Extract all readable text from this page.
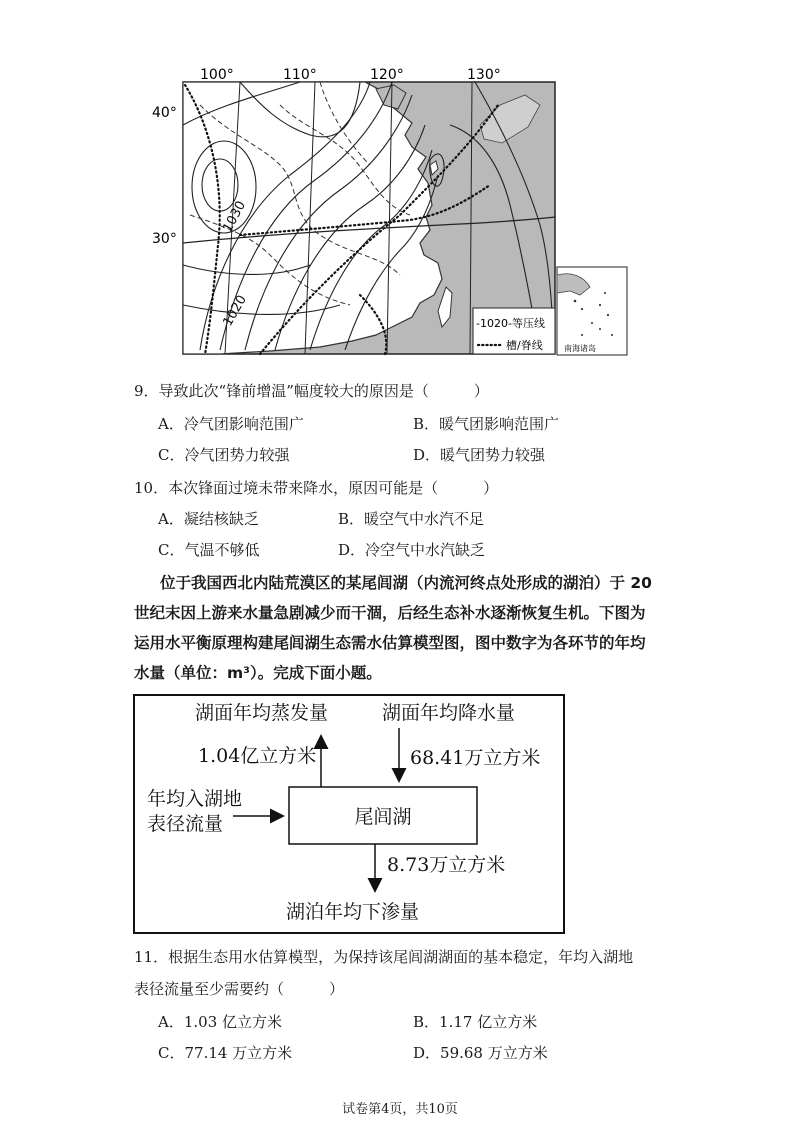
100°	110°	120°	130°
40°
30°
1030
1020	-1020-等压线
槽/脊线	南海诸岛
9．导致此次“锋前增温”幅度较大的原因是（　　　）
A．冷气团影响范围广	B．暖气团影响范围广
C．冷气团势力较强	D．暖气团势力较强
10．本次锋面过境未带来降水，原因可能是（　　　）
A．凝结核缺乏	B．暖空气中水汽不足
C．气温不够低	D．冷空气中水汽缺乏

位于我国西北内陆荒漠区的某尾闾湖（内流河终点处形成的湖泊）于 20

世纪末因上游来水量急剧减少而干涸，后经生态补水逐渐恢复生机。下图为

运用水平衡原理构建尾闾湖生态需水估算模型图，图中数字为各环节的年均

水量（单位：m³）。完成下面小题。

尾闾湖
湖面年均蒸发量	湖面年均降水量
1.04亿立方米	68.41万立方米
年均入湖地
表径流量
8.73万立方米
湖泊年均下渗量
11．根据生态用水估算模型，为保持该尾闾湖湖面的基本稳定，年均入湖地
表径流量至少需要约（　　　）
A．1.03 亿立方米	B．1.17 亿立方米
C．77.14 万立方米	D．59.68 万立方米
试卷第4页，共10页
